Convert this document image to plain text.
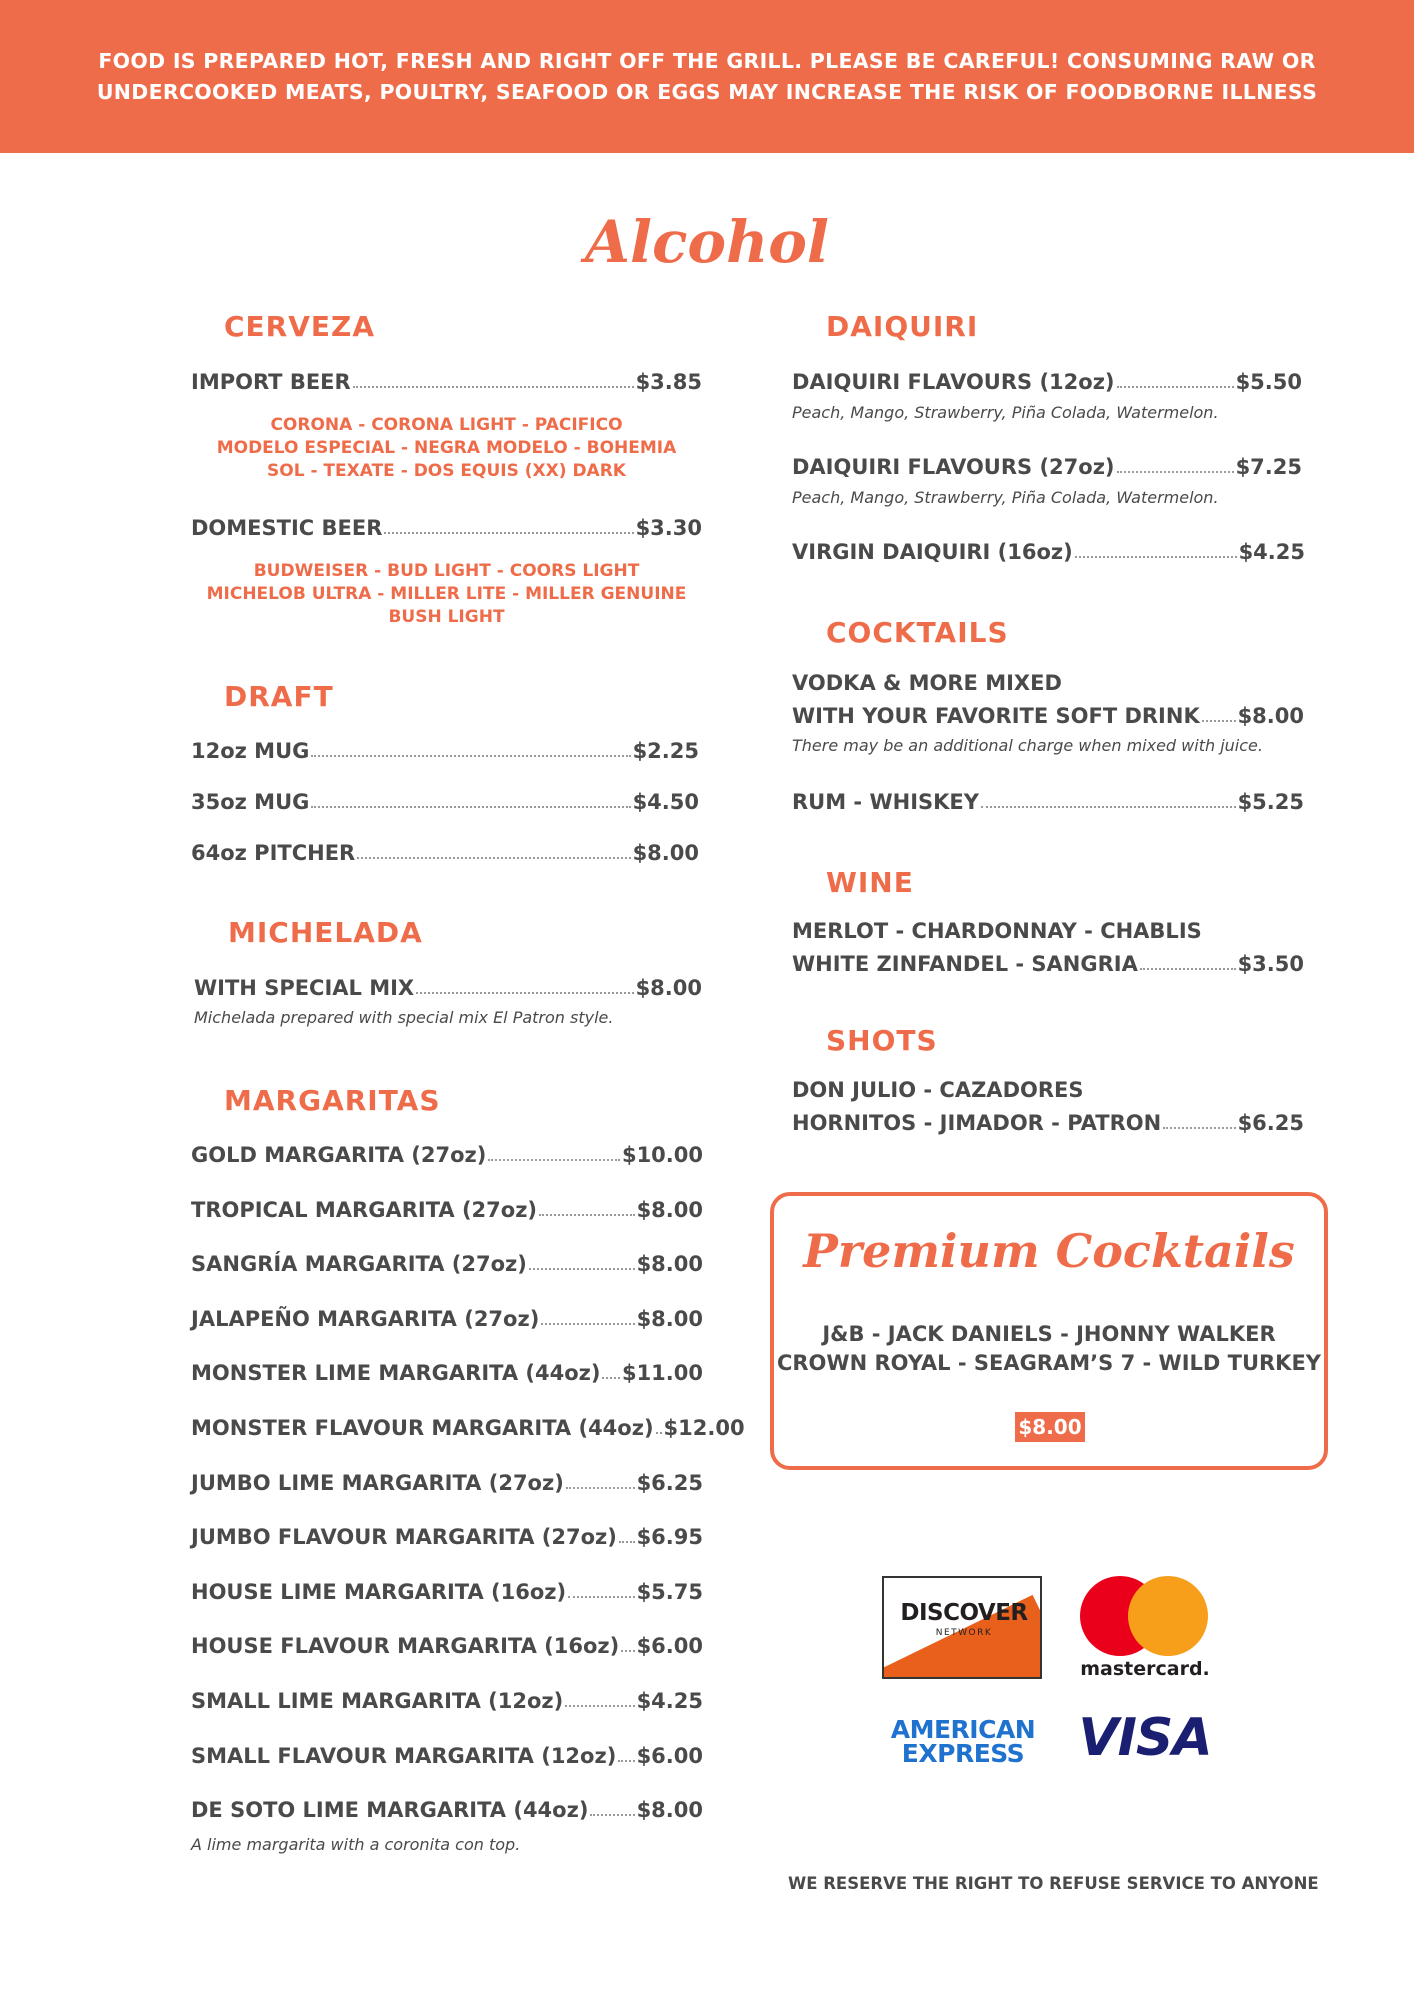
FOOD IS PREPARED HOT, FRESH AND RIGHT OFF THE GRILL. PLEASE BE CAREFUL! CONSUMING RAW OR
UNDERCOOKED MEATS, POULTRY, SEAFOOD OR EGGS MAY INCREASE THE RISK OF FOODBORNE ILLNESS
Alcohol
CERVEZA
IMPORT BEER	$3.85
CORONA - CORONA LIGHT - PACIFICO
MODELO ESPECIAL - NEGRA MODELO - BOHEMIA
SOL - TEXATE - DOS EQUIS (XX) DARK
DOMESTIC BEER	$3.30
BUDWEISER - BUD LIGHT - COORS LIGHT
MICHELOB ULTRA - MILLER LITE - MILLER GENUINE
BUSH LIGHT
DRAFT
12oz MUG	$2.25
35oz MUG	$4.50
64oz PITCHER	$8.00
MICHELADA
WITH SPECIAL MIX	$8.00
Michelada prepared with special mix El Patron style.
MARGARITAS
GOLD MARGARITA (27oz)	$10.00
TROPICAL MARGARITA (27oz)	$8.00
SANGRÍA MARGARITA (27oz)	$8.00
JALAPEÑO MARGARITA (27oz)	$8.00
MONSTER LIME MARGARITA (44oz) $11.00
MONSTER FLAVOUR MARGARITA (44oz) $12.00
JUMBO LIME MARGARITA (27oz)	$6.25
JUMBO FLAVOUR MARGARITA (27oz) $6.95
HOUSE LIME MARGARITA (16oz)	$5.75
HOUSE FLAVOUR MARGARITA (16oz) $6.00
SMALL LIME MARGARITA (12oz)	$4.25
SMALL FLAVOUR MARGARITA (12oz) $6.00
DE SOTO LIME MARGARITA (44oz) $8.00
A lime margarita with a coronita con top.
DAIQUIRI
DAIQUIRI FLAVOURS (12oz)	$5.50
Peach, Mango, Strawberry, Piña Colada, Watermelon.
DAIQUIRI FLAVOURS (27oz)	$7.25
Peach, Mango, Strawberry, Piña Colada, Watermelon.
VIRGIN DAIQUIRI (16oz)	$4.25
COCKTAILS
VODKA & MORE MIXED
WITH YOUR FAVORITE SOFT DRINK $8.00
There may be an additional charge when mixed with juice.
RUM - WHISKEY	$5.25
WINE
MERLOT - CHARDONNAY - CHABLIS
WHITE ZINFANDEL - SANGRIA	$3.50
SHOTS
DON JULIO - CAZADORES
HORNITOS - JIMADOR - PATRON	$6.25
Premium Cocktails
J&B - JACK DANIELS - JHONNY WALKER
CROWN ROYAL - SEAGRAM’S 7 - WILD TURKEY
$8.00
DISCOVER
NETWORK
mastercard.
AMERICAN
EXPRESS	VISA
WE RESERVE THE RIGHT TO REFUSE SERVICE TO ANYONE
